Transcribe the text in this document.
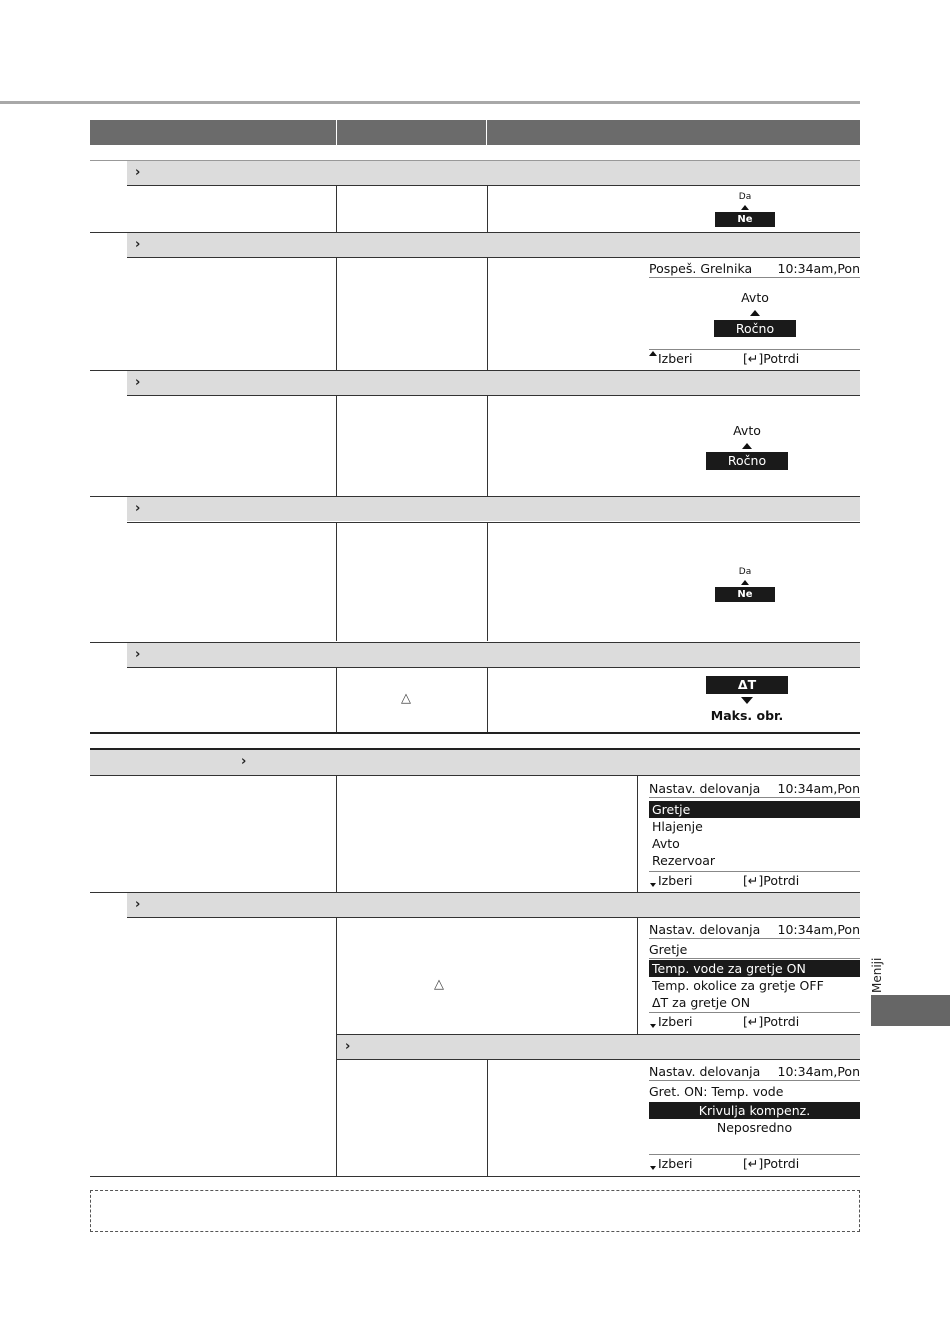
›
Da
Ne
›
Pospeš. Grelnika 10:34am,Pon
Avto
Ročno
Izberi	[↵]Potrdi
›
Avto
Ročno
›
Da
Ne
›
△
ΔT
Maks. obr.
›
Nastav. delovanja 10:34am,Pon
Gretje
Hlajenje
Avto
Rezervoar
Izberi	[↵]Potrdi
›
△
Nastav. delovanja 10:34am,Pon
Gretje
Temp. vode za gretje ON
Temp. okolice za gretje OFF
ΔT za gretje ON
Izberi	[↵]Potrdi
›
Nastav. delovanja 10:34am,Pon
Gret. ON: Temp. vode
Krivulja kompenz.
Neposredno
Izberi	[↵]Potrdi
Meniji
